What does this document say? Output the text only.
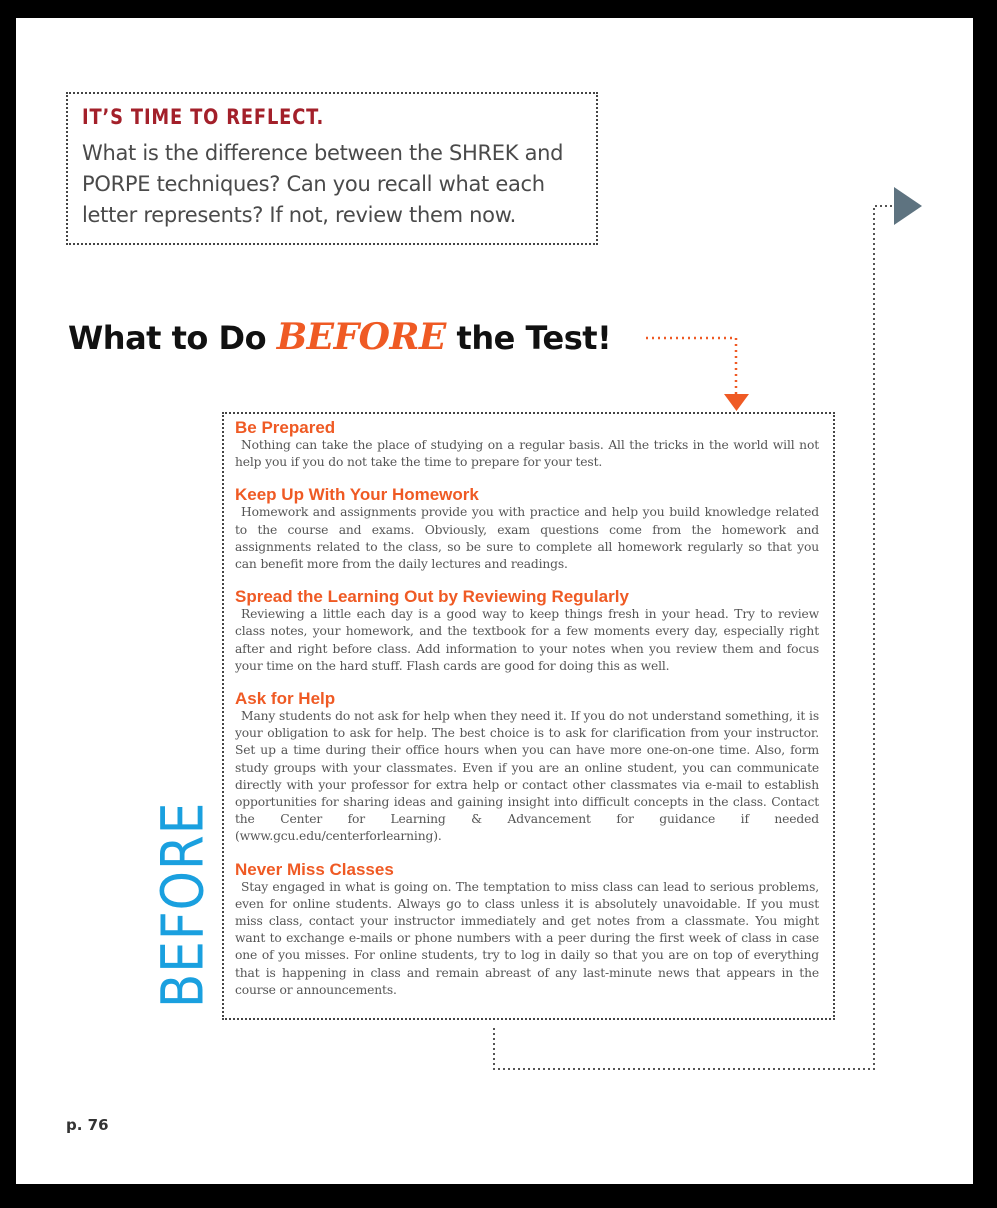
IT’S TIME TO REFLECT.

What is the difference between the SHREK and PORPE techniques? Can you recall what each letter represents? If not, review them now.

What to Do BEFORE the Test!
Be Prepared

Nothing can take the place of studying on a regular basis. All the tricks in the world will not help you if you do not take the time to prepare for your test.

Keep Up With Your Homework

Homework and assignments provide you with practice and help you build knowledge related to the course and exams. Obviously, exam questions come from the homework and assignments related to the class, so be sure to complete all homework regularly so that you can benefit more from the daily lectures and readings.

Spread the Learning Out by Reviewing Regularly

Reviewing a little each day is a good way to keep things fresh in your head. Try to review class notes, your homework, and the textbook for a few moments every day, especially right after and right before class. Add information to your notes when you review them and focus your time on the hard stuff. Flash cards are good for doing this as well.

Ask for Help

Many students do not ask for help when they need it. If you do not understand something, it is your obligation to ask for help. The best choice is to ask for clarification from your instructor. Set up a time during their office hours when you can have more one-on-one time. Also, form study groups with your classmates. Even if you are an online student, you can communicate directly with your professor for extra help or contact other classmates via e-mail to establish opportunities for sharing ideas and gaining insight into difficult concepts in the class. Contact the Center for Learning & Advancement for guidance if needed (www.gcu.edu/centerforlearning).

Never Miss Classes

Stay engaged in what is going on. The temptation to miss class can lead to serious problems, even for online students. Always go to class unless it is absolutely unavoidable. If you must miss class, contact your instructor immediately and get notes from a classmate. You might want to exchange e-mails or phone numbers with a peer during the first week of class in case one of you misses. For online students, try to log in daily so that you are on top of everything that is happening in class and remain abreast of any last-minute news that appears in the course or announcements.

BEFORE

p. 76
